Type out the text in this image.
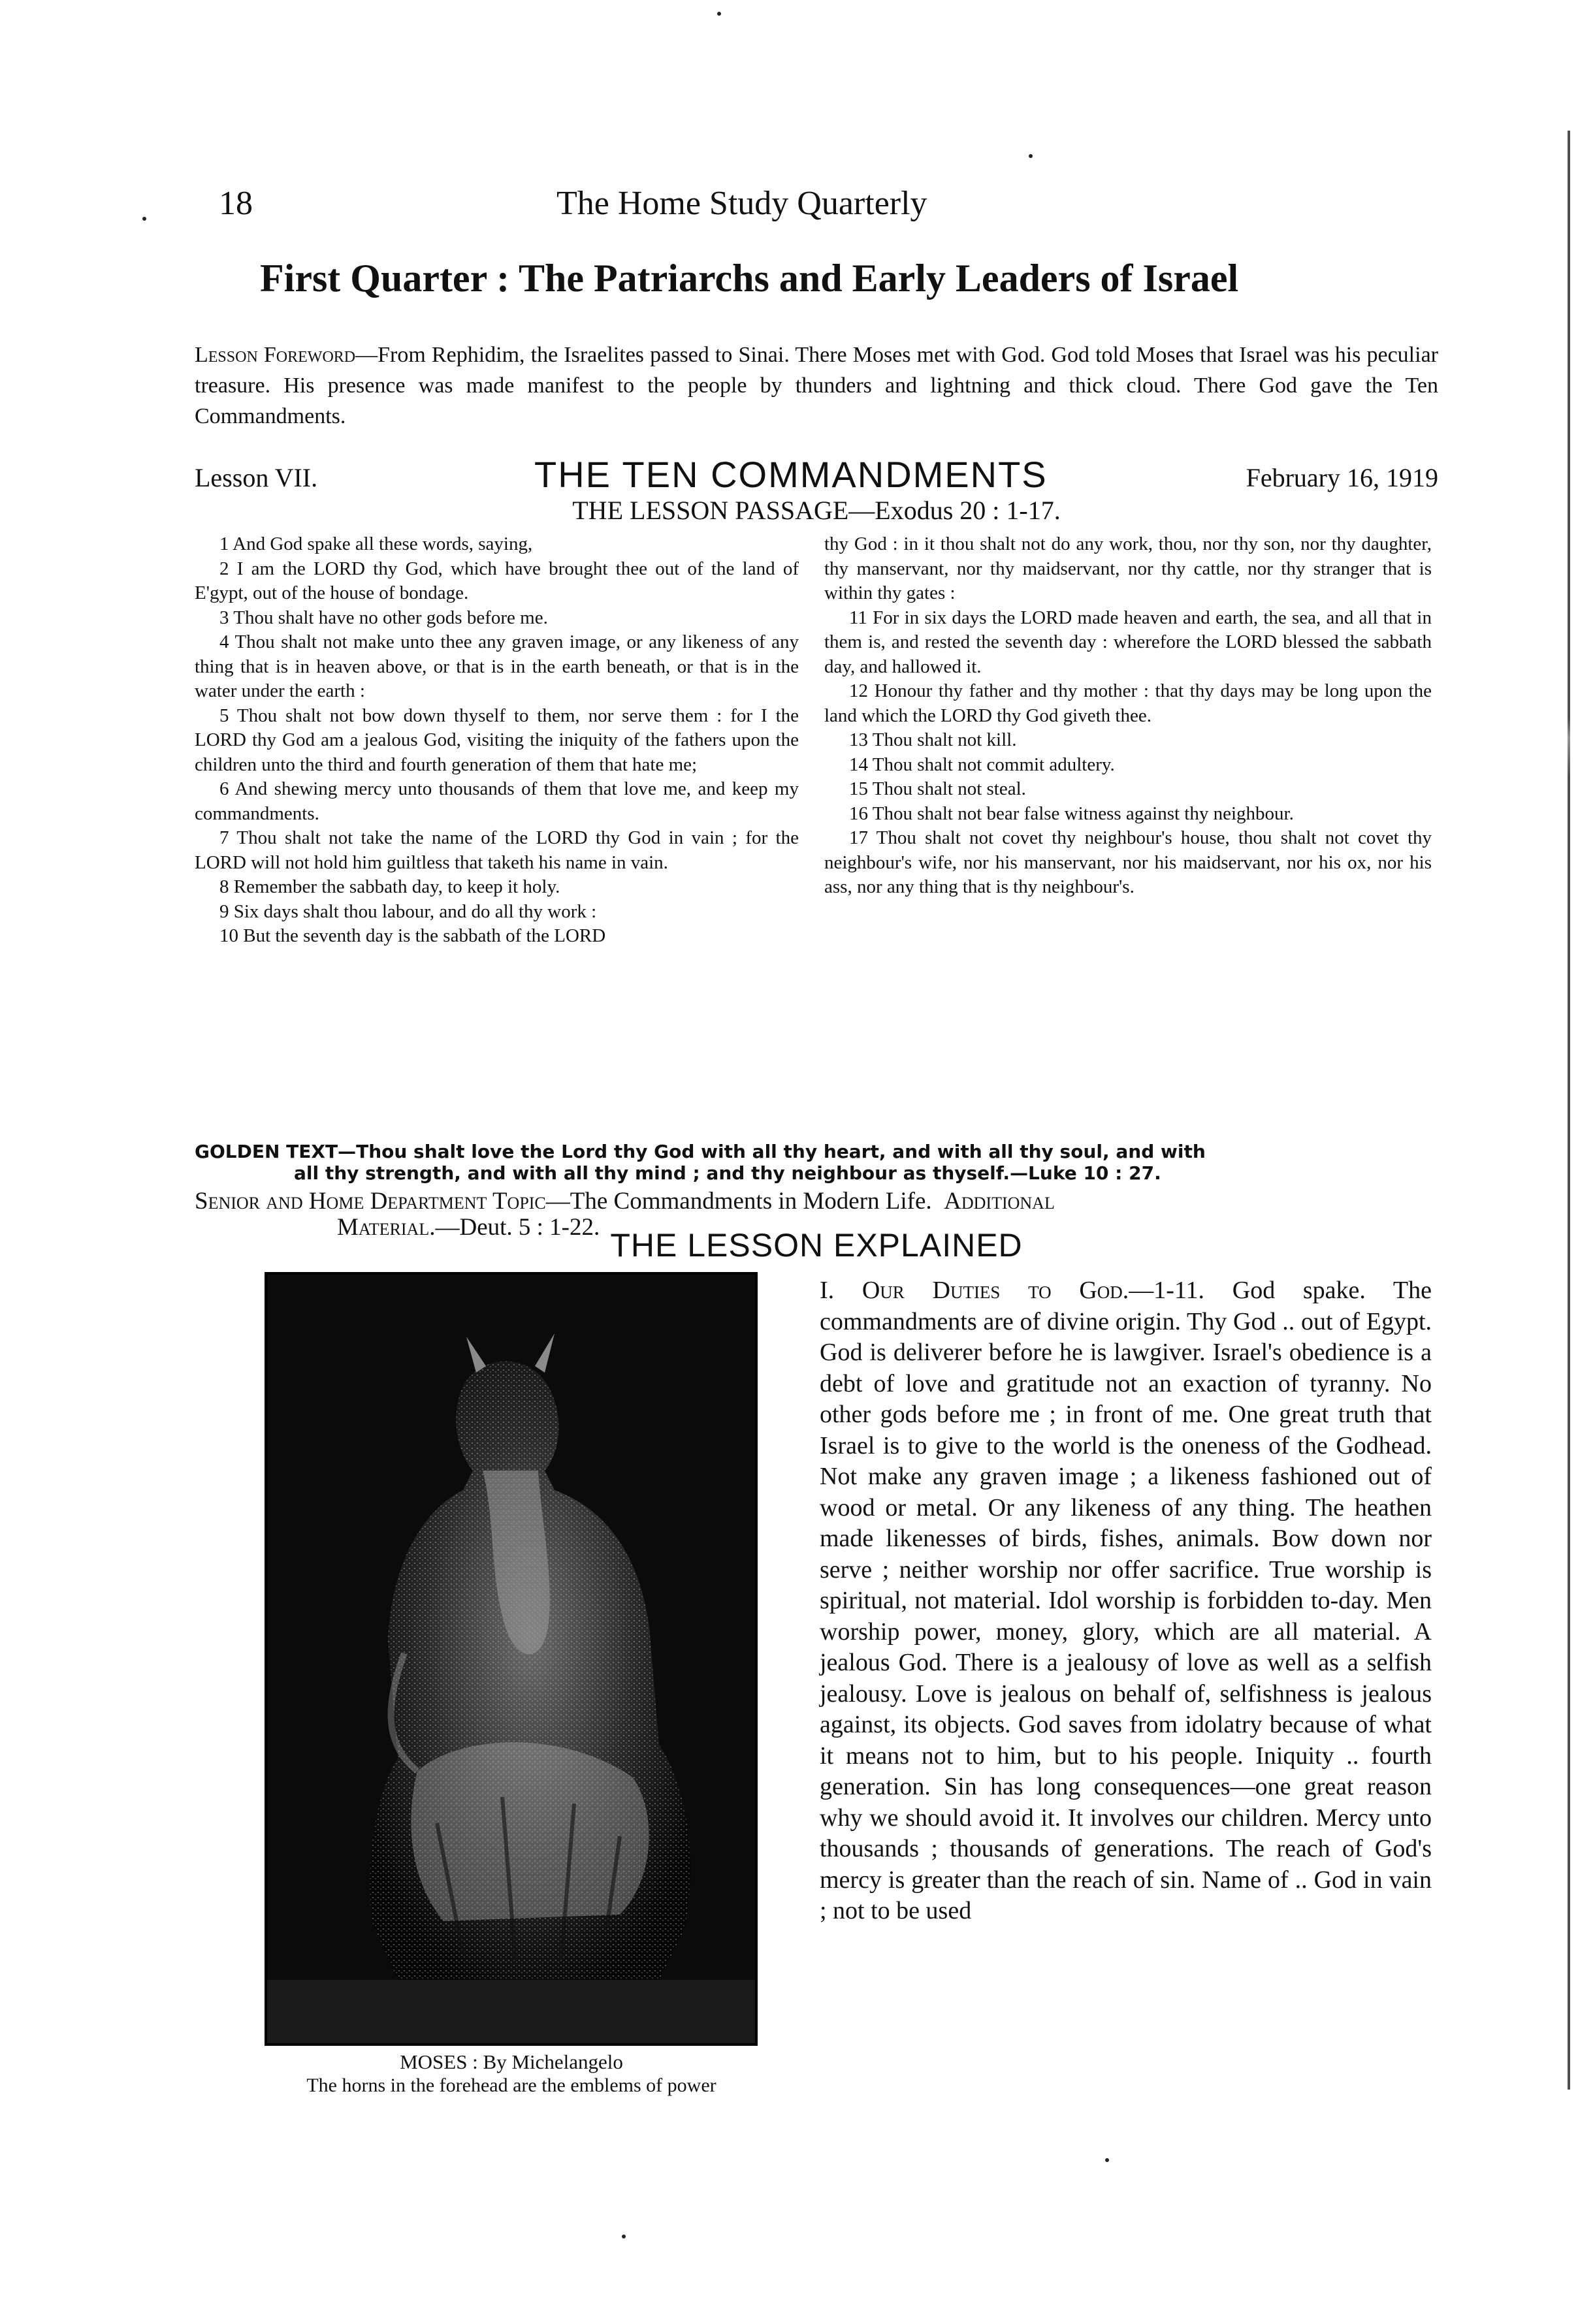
18	The Home Study Quarterly
First Quarter : The Patriarchs and Early Leaders of Israel
Lesson Foreword—From Rephidim, the Israelites passed to Sinai. There Moses met with God. God told Moses that Israel was his peculiar treasure. His presence was made manifest to the people by thunders and lightning and thick cloud. There God gave the Ten Commandments.
Lesson VII.	THE TEN COMMANDMENTS	February 16, 1919
THE LESSON PASSAGE—Exodus 20 : 1-17.

1 And God spake all these words, saying,

2 I am the LORD thy God, which have brought thee out of the land of E'gypt, out of the house of bondage.

3 Thou shalt have no other gods before me.

4 Thou shalt not make unto thee any graven image, or any likeness of any thing that is in heaven above, or that is in the earth beneath, or that is in the water under the earth :

5 Thou shalt not bow down thyself to them, nor serve them : for I the LORD thy God am a jealous God, visiting the iniquity of the fathers upon the children unto the third and fourth generation of them that hate me;

6 And shewing mercy unto thousands of them that love me, and keep my commandments.

7 Thou shalt not take the name of the LORD thy God in vain ; for the LORD will not hold him guiltless that taketh his name in vain.

8 Remember the sabbath day, to keep it holy.

9 Six days shalt thou labour, and do all thy work :

10 But the seventh day is the sabbath of the LORD

thy God : in it thou shalt not do any work, thou, nor thy son, nor thy daughter, thy manservant, nor thy maidservant, nor thy cattle, nor thy stranger that is within thy gates :

11 For in six days the LORD made heaven and earth, the sea, and all that in them is, and rested the seventh day : wherefore the LORD blessed the sabbath day, and hallowed it.

12 Honour thy father and thy mother : that thy days may be long upon the land which the LORD thy God giveth thee.

13 Thou shalt not kill.

14 Thou shalt not commit adultery.

15 Thou shalt not steal.

16 Thou shalt not bear false witness against thy neighbour.

17 Thou shalt not covet thy neighbour's house, thou shalt not covet thy neighbour's wife, nor his manservant, nor his maidservant, nor his ox, nor his ass, nor any thing that is thy neighbour's.

GOLDEN TEXT—Thou shalt love the Lord thy God with all thy heart, and with all thy soul, and with
all thy strength, and with all thy mind ; and thy neighbour as thyself.—Luke 10 : 27.
Senior and Home Department Topic—The Commandments in Modern Life. Additional
Material.—Deut. 5 : 1-22. THE LESSON EXPLAINED
MOSES : By Michelangelo
The horns in the forehead are the emblems of power

I. Our Duties to God.—1-11. God spake. The commandments are of divine origin. Thy God .. out of Egypt. God is deliverer before he is lawgiver. Israel's obedience is a debt of love and gratitude not an exaction of tyranny. No other gods before me ; in front of me. One great truth that Israel is to give to the world is the oneness of the Godhead. Not make any graven image ; a likeness fashioned out of wood or metal. Or any likeness of any thing. The heathen made likenesses of birds, fishes, animals. Bow down nor serve ; neither worship nor offer sacrifice. True worship is spiritual, not material. Idol worship is forbidden to-day. Men worship power, money, glory, which are all material. A jealous God. There is a jealousy of love as well as a selfish jealousy. Love is jealous on behalf of, selfishness is jealous against, its objects. God saves from idolatry because of what it means not to him, but to his people. Iniquity .. fourth generation. Sin has long consequences—one great reason why we should avoid it. It involves our children. Mercy unto thousands ; thousands of generations. The reach of God's mercy is greater than the reach of sin. Name of .. God in vain ; not to be used
